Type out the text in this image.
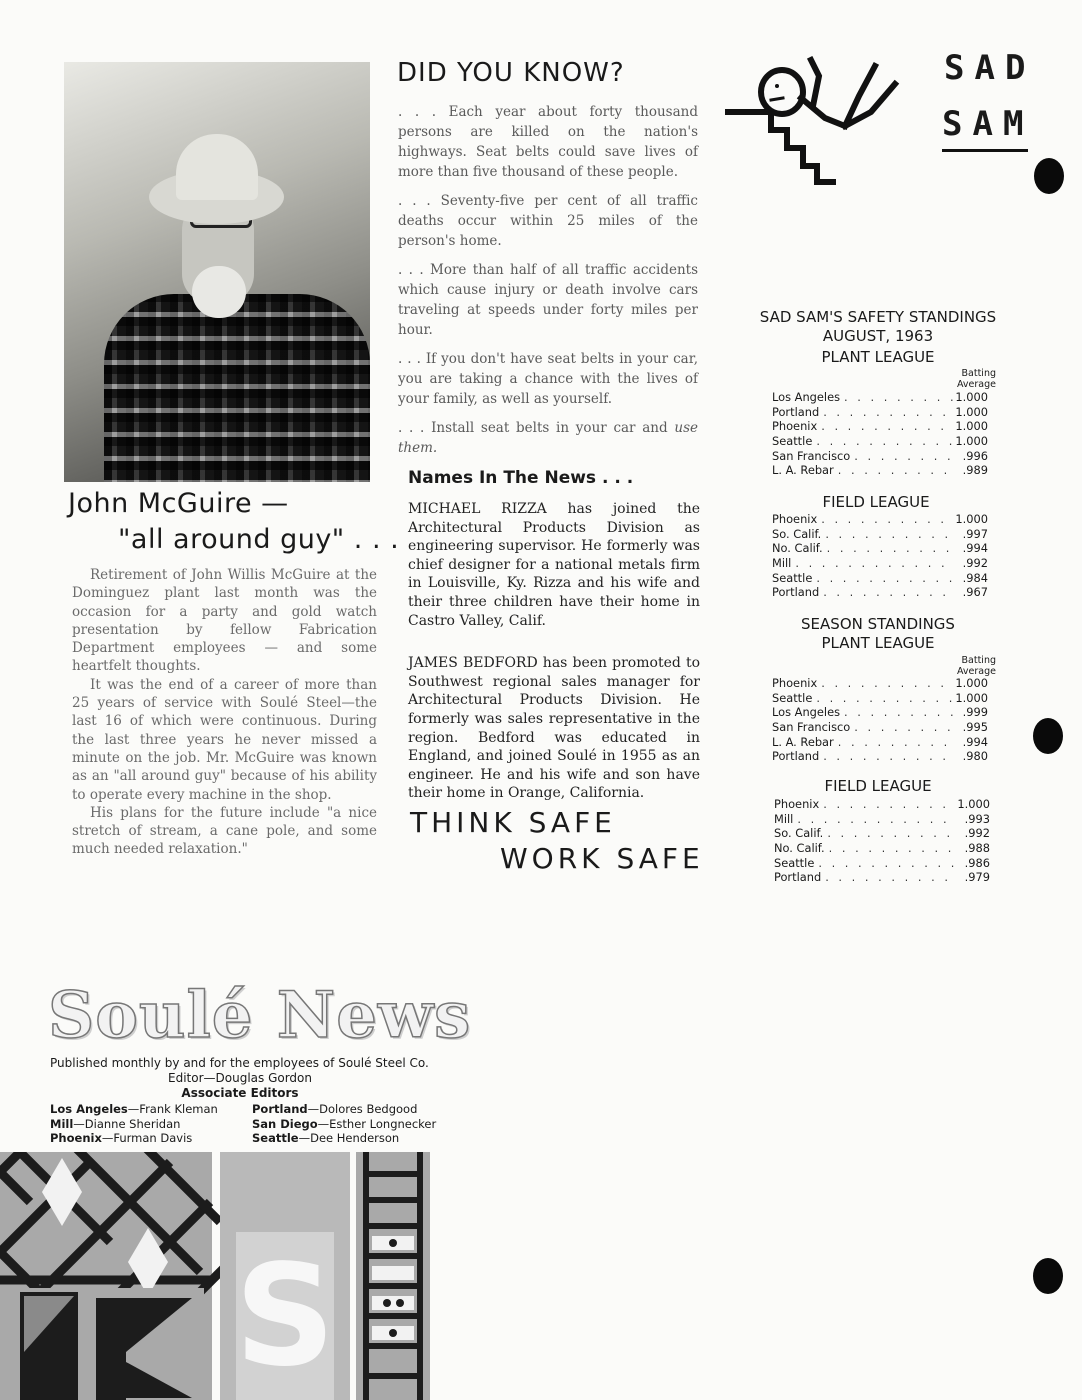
John McGuire —
"all around guy" . . .

Retirement of John Willis McGuire at the Dominguez plant last month was the occasion for a party and gold watch presentation by fellow Fabrication Department employees — and some heartfelt thoughts.

It was the end of a career of more than 25 years of service with Soulé Steel—the last 16 of which were continuous. During the last three years he never missed a minute on the job. Mr. McGuire was known as an "all around guy" because of his ability to operate every machine in the shop.

His plans for the future include "a nice stretch of stream, a cane pole, and some much needed relaxation."

DID YOU KNOW?

. . . Each year about forty thousand persons are killed on the nation's highways. Seat belts could save lives of more than five thousand of these people.

. . . Seventy-five per cent of all traffic deaths occur within 25 miles of the person's home.

. . . More than half of all traffic accidents which cause injury or death involve cars traveling at speeds under forty miles per hour.

. . . If you don't have seat belts in your car, you are taking a chance with the lives of your family, as well as yourself.

. . . Install seat belts in your car and use them.

Names In The News . . .

MICHAEL RIZZA has joined the Architectural Products Division as engineering supervisor. He formerly was chief designer for a national metals firm in Louisville, Ky. Rizza and his wife and their three children have their home in Castro Valley, Calif.

JAMES BEDFORD has been promoted to Southwest regional sales manager for Architectural Products Division. He formerly was sales representative in the region. Bedford was educated in England, and joined Soulé in 1955 as an engineer. He and his wife and son have their home in Orange, California.

THINK SAFE
WORK SAFE
SAD
SAM
SAD SAM'S SAFETY STANDINGS
AUGUST, 1963
PLANT LEAGUE
Batting
Average
Los Angeles . . .	1.000
Portland . . .	1.000
Phoenix . . .	1.000
Seattle . . .	1.000
San Francisco . . .	.996
L. A. Rebar . . .	.989
FIELD LEAGUE
Phoenix . . .	1.000
So. Calif. . . .	.997
No. Calif. . . .	.994
Mill . . .	.992
Seattle . . .	.984
Portland . . .	.967
SEASON STANDINGS
PLANT LEAGUE
Batting
Average
Phoenix . . .	1.000
Seattle . . .	1.000
Los Angeles . . .	.999
San Francisco . . .	.995
L. A. Rebar . . .	.994
Portland . . .	.980
FIELD LEAGUE
Phoenix . . .	1.000
Mill . . .	.993
So. Calif. . . .	.992
No. Calif. . . .	.988
Seattle . . .	.986
Portland . . .	.979
Soulé News
Published monthly by and for the employees of Soulé Steel Co.
Editor—Douglas Gordon
Associate Editors
Los Angeles—Frank Kleman
Mill—Dianne Sheridan
Phoenix—Furman Davis
Portland—Dolores Bedgood
San Diego—Esther Longnecker
Seattle—Dee Henderson
S
